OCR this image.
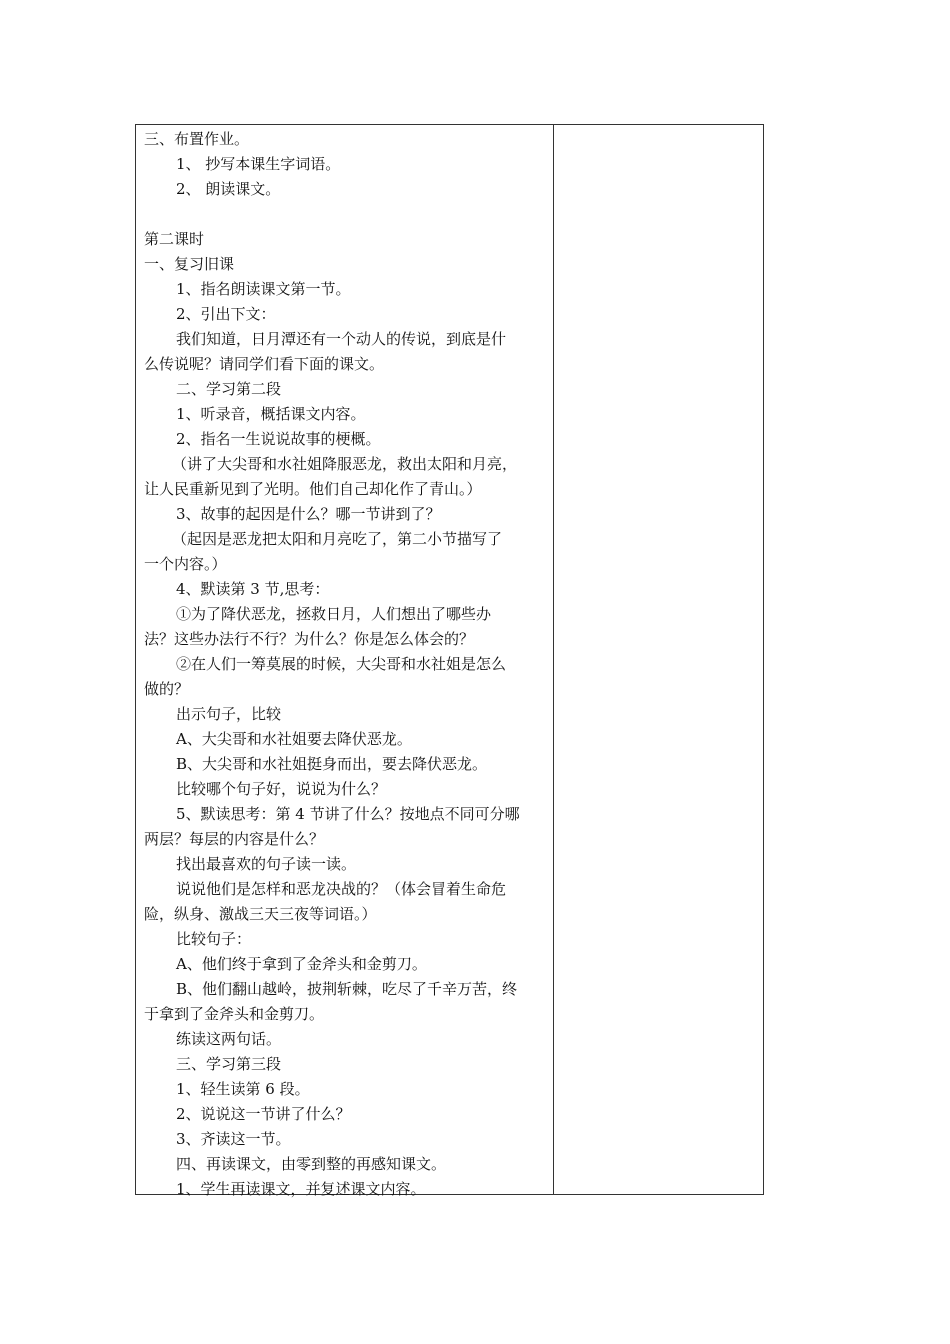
三、布置作业。
1、 抄写本课生字词语。
2、 朗读课文。
第二课时
一、复习旧课
1、指名朗读课文第一节。
2、引出下文：
我们知道，日月潭还有一个动人的传说，到底是什
么传说呢？请同学们看下面的课文。
二、学习第二段
1、听录音，概括课文内容。
2、指名一生说说故事的梗概。
（讲了大尖哥和水社姐降服恶龙，救出太阳和月亮，
让人民重新见到了光明。他们自己却化作了青山。）
3、故事的起因是什么？哪一节讲到了？
（起因是恶龙把太阳和月亮吃了，第二小节描写了
一个内容。）
4、默读第 3 节,思考：
①为了降伏恶龙，拯救日月，人们想出了哪些办
法？这些办法行不行？为什么？你是怎么体会的？
②在人们一筹莫展的时候，大尖哥和水社姐是怎么
做的？
出示句子，比较
A、大尖哥和水社姐要去降伏恶龙。
B、大尖哥和水社姐挺身而出，要去降伏恶龙。
比较哪个句子好，说说为什么？
5、默读思考：第 4 节讲了什么？按地点不同可分哪
两层？每层的内容是什么？
找出最喜欢的句子读一读。
说说他们是怎样和恶龙决战的？（体会冒着生命危
险，纵身、激战三天三夜等词语。）
比较句子：
A、他们终于拿到了金斧头和金剪刀。
B、他们翻山越岭，披荆斩棘，吃尽了千辛万苦，终
于拿到了金斧头和金剪刀。
练读这两句话。
三、学习第三段
1、轻生读第 6 段。
2、说说这一节讲了什么？
3、齐读这一节。
四、再读课文，由零到整的再感知课文。
1、学生再读课文，并复述课文内容。
